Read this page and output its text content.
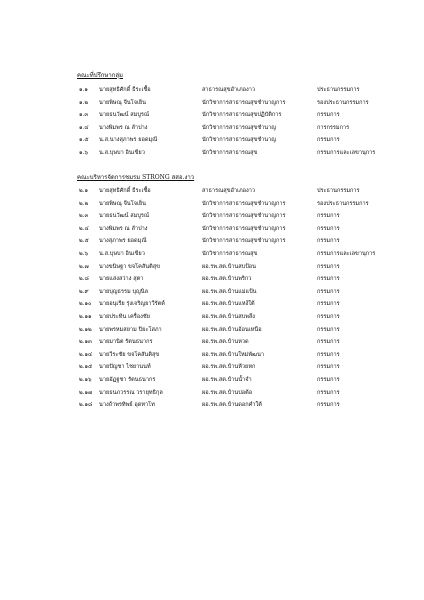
คณะที่ปรึกษากลุ่ม
๑.๑ นายสุทธิศักดิ์ ธีระเชื้อ	สาธารณสุขอำเภองาว	ประธานกรรมการ
๑.๒ นายพิษณุ จีนโจเย็น	นักวิชาการสาธารณสุขชำนาญการ	รองประธานกรรมการ
๑.๓ นายธนวัฒน์ สมบูรณ์	นักวิชาการสาธารณสุขปฏิบัติการ	กรรมการ
๑.๔ นางพิมพร ณ ลำปาง	นักวิชาการสาธารณสุขชำนาญ	การกรรมการ
๑.๕ น.ส.นางสุภาพร ยอดมุณี	นักวิชาการสาธารณสุขชำนาญ	กรรมการ
๑.๖ น.ส.บุษบา อินเขียว	นักวิชาการสาธารณสุข	กรรมการและเลขานุการ
คณะบริหารจัดการชมรม STRONG สสอ.งาว
๒.๑ นายสุทธิศักดิ์ ธีระเชื้อ	สาธารณสุขอำเภองาว	ประธานกรรมการ
๒.๒ นายพิษณุ จีนโจเย็น	นักวิชาการสาธารณสุขชำนาญการ	รองประธานกรรมการ
๒.๓ นายธนวัฒน์ สมบูรณ์	นักวิชาการสาธารณสุขชำนาญการ	กรรมการ
๒.๔ นางพิมพร ณ ลำปาง	นักวิชาการสาธารณสุขชำนาญการ	กรรมการ
๒.๕ นางสุภาพร ยอดมุณี	นักวิชาการสาธารณสุขชำนาญการ	กรรมการ
๒.๖ น.ส.บุษบา อินเขียว	นักวิชาการสาธารณสุข	กรรมการและเลขานุการ
๒.๗ นางขนิษฐา ขจโคสันติสุข	ผอ.รพ.สต.บ้านสบป้อน	กรรมการ
๒.๘ นายแสงสว่าง สุตา	ผอ.รพ.สต.บ้านพริกว	กรรมการ
๒.๙ นายบุญธรรม บุญนิล	ผอ.รพ.สต.บ้านแม่แป้น	กรรมการ
๒.๑๐ นายอนุเรีย รุ่งเจริญยาวีรัตต์	ผอ.รพ.สต.บ้านแหง์ใต้	กรรมการ
๒.๑๑ นายประทิน เครื่องชัย	ผอ.รพ.สต.บ้านสบพลึง	กรรมการ
๒.๑๒ นายพรหมสยาม ปิยะโสภา	ผอ.รพ.สต.บ้านอ้อนเหนือ	กรรมการ
๒.๑๓ นายมานิต รัตนธนากร	ผอ.รพ.สต.บ้านหวด	กรรมการ
๒.๑๔ นายวีระชัย ขจโคสันติสุข	ผอ.รพ.สต.บ้านใหม่พัฒนา	กรรมการ
๒.๑๕ นายปัญชา ไชยานนท์	ผอ.รพ.สต.บ้านห้วยหก	กรรมการ
๒.๑๖ นายอัฏฐชา รัตนธนากร	ผอ.รพ.สต.บ้านน้ำจำ	กรรมการ
๒.๑๗ นายธนภวรรณ วรายุทธิกุล	ผอ.รพ.สต.บ้านบ่อต้อ	กรรมการ
๒.๑๘ นางถ้าพรทิพย์ อุดทาโท	ผอ.รพ.สต.บ้านดอกคำใต้	กรรมการ
